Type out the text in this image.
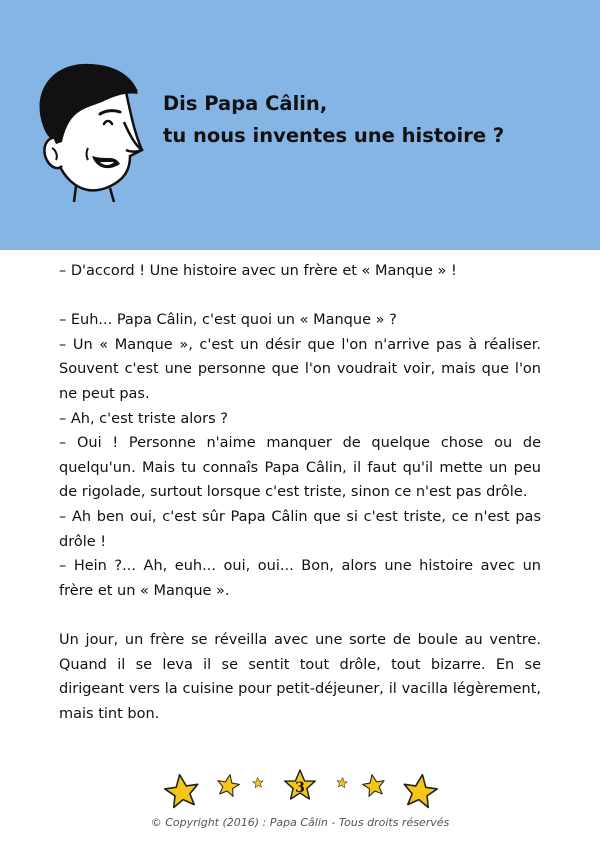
Dis Papa Câlin,
tu nous inventes une histoire ?

– D'accord ! Une histoire avec un frère et « Manque » !

– Euh... Papa Câlin, c'est quoi un « Manque » ?

– Un « Manque », c'est un désir que l'on n'arrive pas à réaliser. Souvent c'est une personne que l'on voudrait voir, mais que l'on ne peut pas.

– Ah, c'est triste alors ?

– Oui ! Personne n'aime manquer de quelque chose ou de quelqu'un. Mais tu connaîs Papa Câlin, il faut qu'il mette un peu de rigolade, surtout lorsque c'est triste, sinon ce n'est pas drôle.

– Ah ben oui, c'est sûr Papa Câlin que si c'est triste, ce n'est pas drôle !

– Hein ?... Ah, euh... oui, oui... Bon, alors une histoire avec un frère et un « Manque ».

Un jour, un frère se réveilla avec une sorte de boule au ventre. Quand il se leva il se sentit tout drôle, tout bizarre. En se dirigeant vers la cuisine pour petit-déjeuner, il vacilla légèrement, mais tint bon.

3
© Copyright (2016) : Papa Câlin - Tous droits réservés
